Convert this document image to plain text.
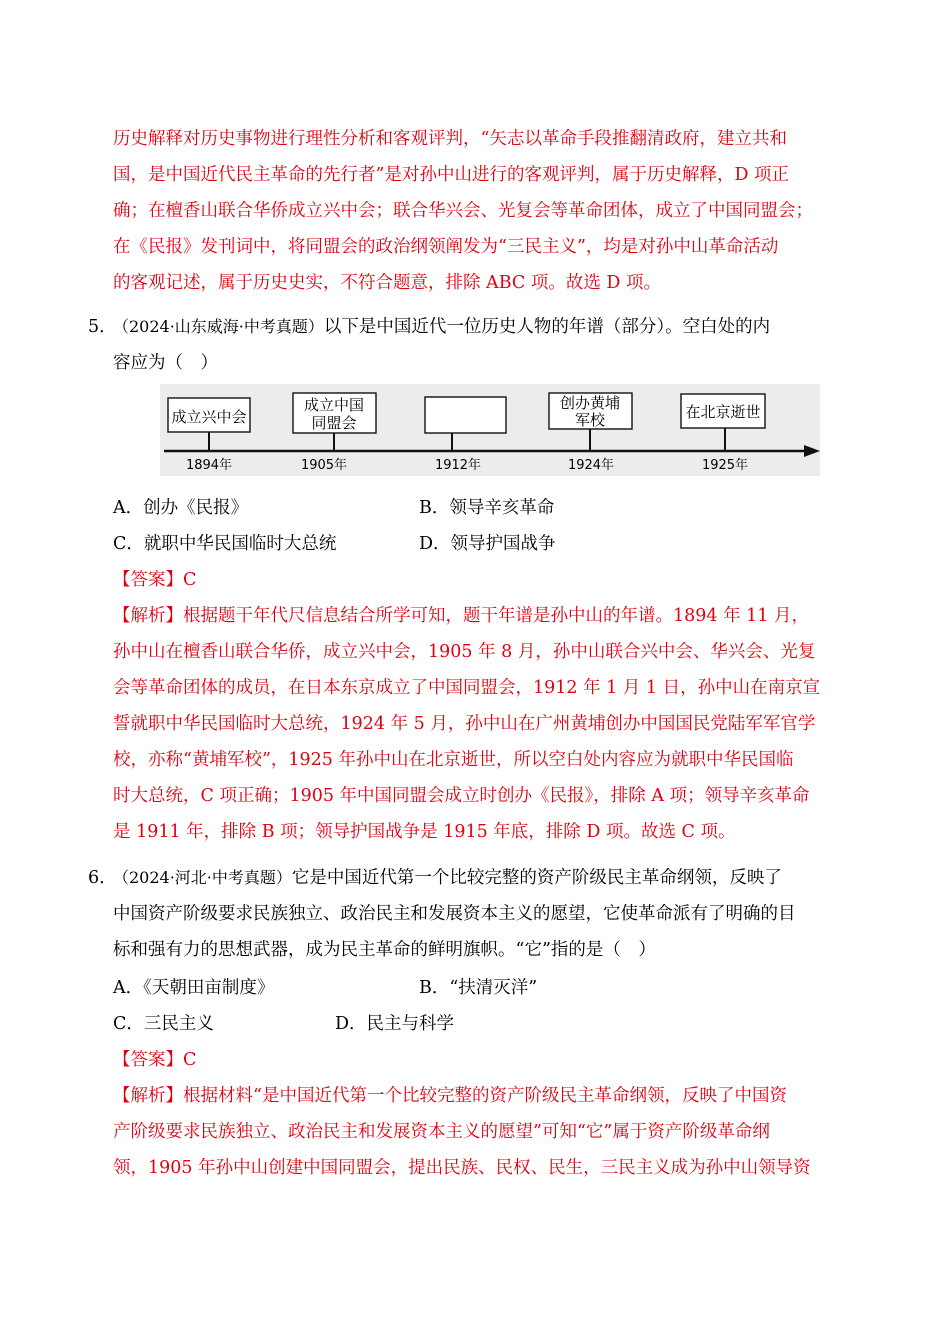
历史解释对历史事物进行理性分析和客观评判，“矢志以革命手段推翻清政府，建立共和
国，是中国近代民主革命的先行者”是对孙中山进行的客观评判，属于历史解释，D 项正
确；在檀香山联合华侨成立兴中会；联合华兴会、光复会等革命团体，成立了中国同盟会；
在《民报》发刊词中，将同盟会的政治纲领阐发为“三民主义”，均是对孙中山革命活动
的客观记述，属于历史史实，不符合题意，排除 ABC 项。故选 D 项。
5．
（2024·山东威海·中考真题）以下是中国近代一位历史人物的年谱（部分）。空白处的内
容应为（　）
成立兴中会
1894年
成立中国
同盟会
1905年	1912年
创办黄埔
军校
1924年
在北京逝世
1925年
A．创办《民报》	B．领导辛亥革命
C．就职中华民国临时大总统	D．领导护国战争
【答案】C
【解析】根据题干年代尺信息结合所学可知，题干年谱是孙中山的年谱。1894 年 11 月，
孙中山在檀香山联合华侨，成立兴中会，1905 年 8 月，孙中山联合兴中会、华兴会、光复
会等革命团体的成员，在日本东京成立了中国同盟会，1912 年 1 月 1 日，孙中山在南京宣
誓就职中华民国临时大总统，1924 年 5 月，孙中山在广州黄埔创办中国国民党陆军军官学
校，亦称“黄埔军校”，1925 年孙中山在北京逝世，所以空白处内容应为就职中华民国临
时大总统，C 项正确；1905 年中国同盟会成立时创办《民报》，排除 A 项；领导辛亥革命
是 1911 年，排除 B 项；领导护国战争是 1915 年底，排除 D 项。故选 C 项。
6．
（2024·河北·中考真题）它是中国近代第一个比较完整的资产阶级民主革命纲领，反映了
中国资产阶级要求民族独立、政治民主和发展资本主义的愿望，它使革命派有了明确的目
标和强有力的思想武器，成为民主革命的鲜明旗帜。“它”指的是（　）
A．《天朝田亩制度》	B．“扶清灭洋”
C．三民主义	D．民主与科学
【答案】C
【解析】根据材料“是中国近代第一个比较完整的资产阶级民主革命纲领，反映了中国资
产阶级要求民族独立、政治民主和发展资本主义的愿望”可知“它”属于资产阶级革命纲
领，1905 年孙中山创建中国同盟会，提出民族、民权、民生，三民主义成为孙中山领导资
